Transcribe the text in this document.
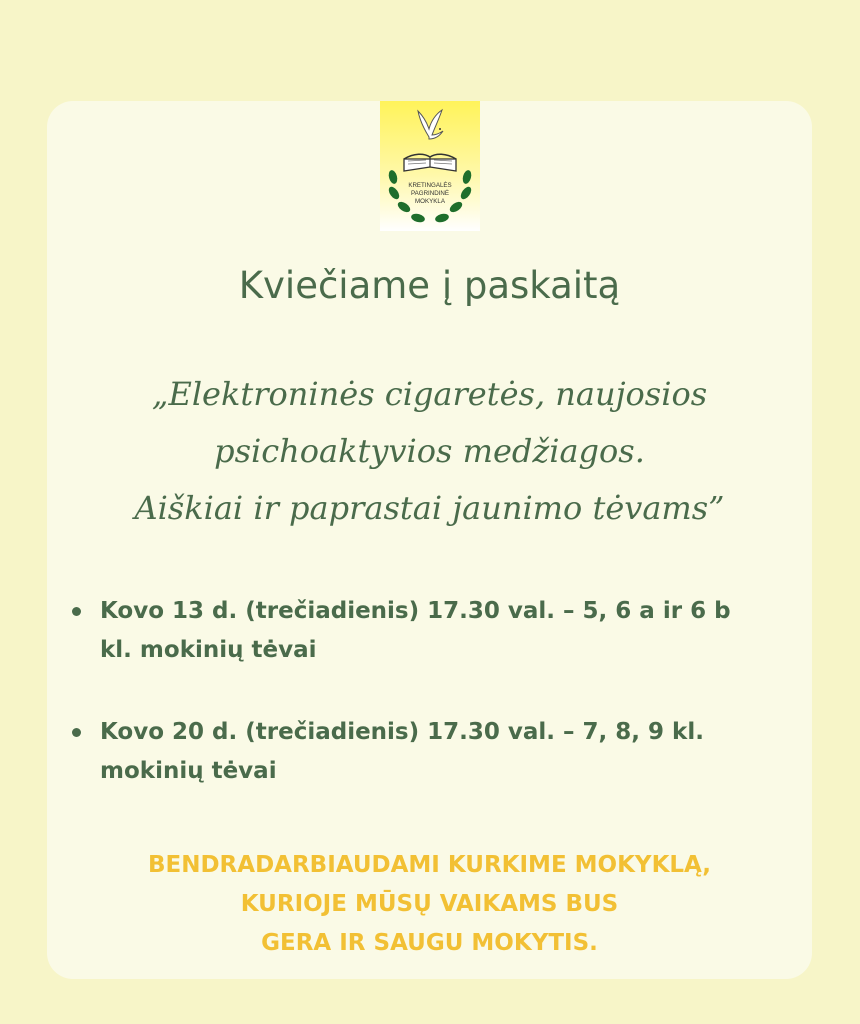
KRETINGALĖS
PAGRINDINĖ
MOKYKLA
Kviečiame į paskaitą

„Elektroninės cigaretės, naujosios
psichoaktyvios medžiagos.
Aiškiai ir paprastai jaunimo tėvams”

Kovo 13 d. (trečiadienis) 17.30 val. – 5, 6 a ir 6 b
kl. mokinių tėvai
Kovo 20 d. (trečiadienis) 17.30 val. – 7, 8, 9 kl.
mokinių tėvai
BENDRADARBIAUDAMI KURKIME MOKYKLĄ,
KURIOJE MŪSŲ VAIKAMS BUS
GERA IR SAUGU MOKYTIS.
